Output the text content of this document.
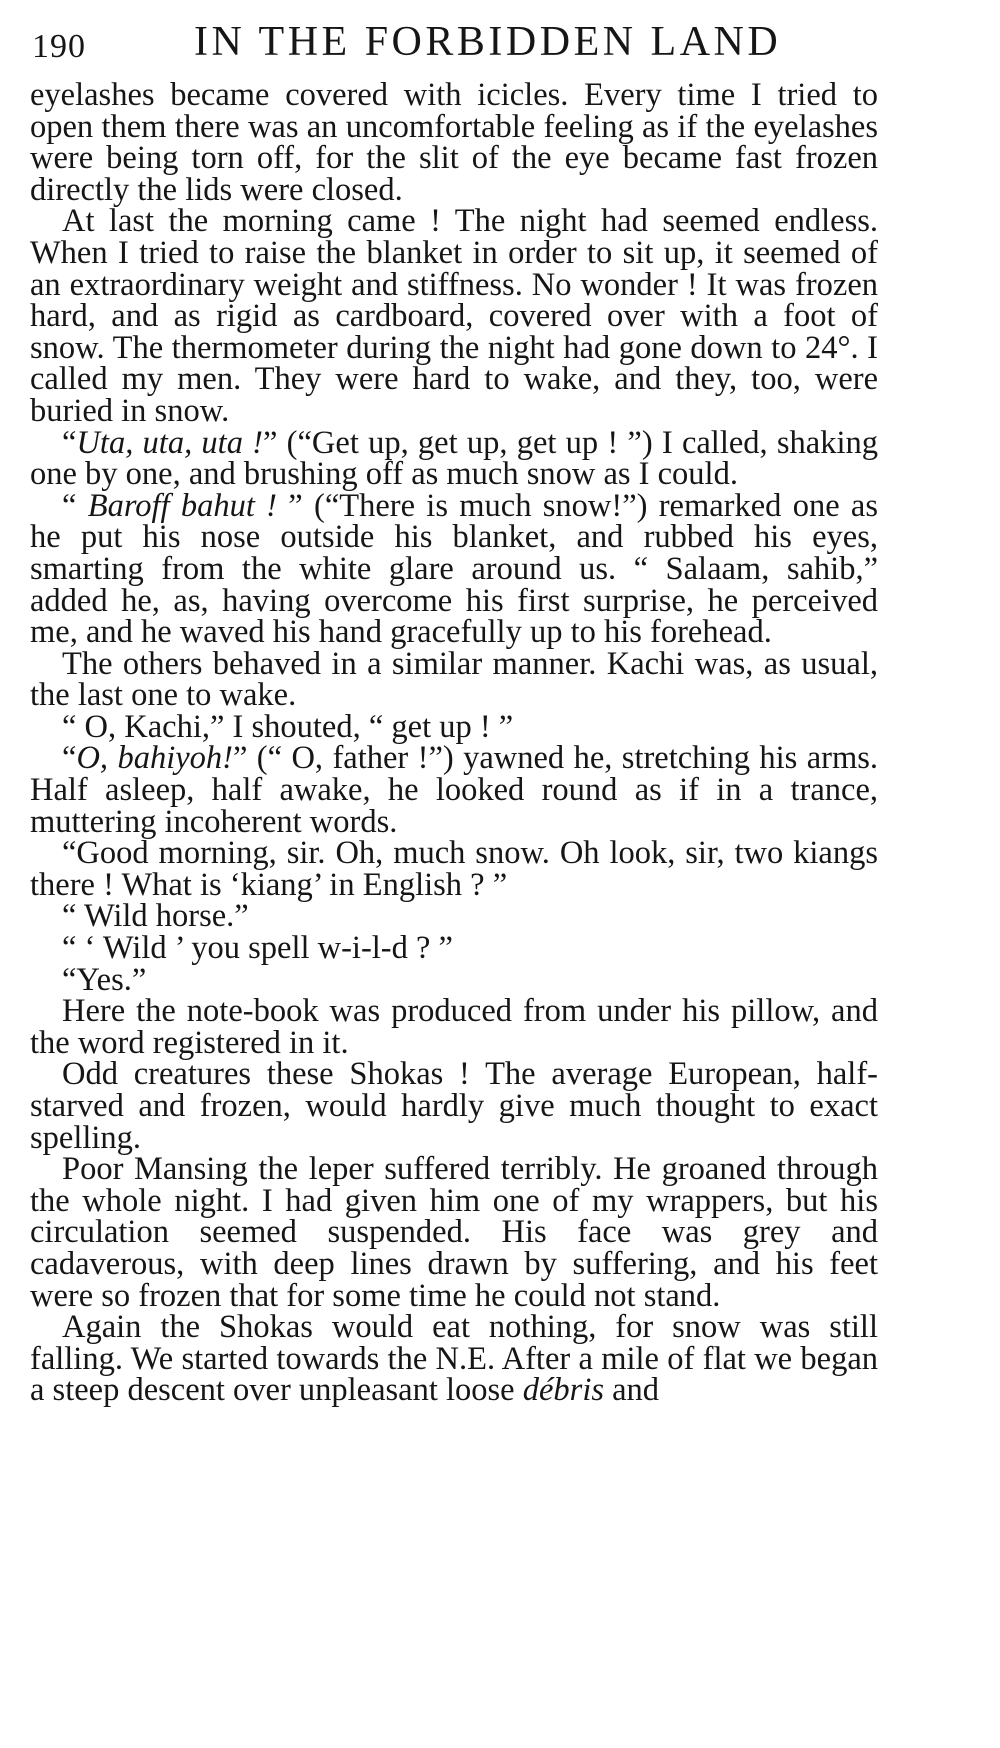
190	IN THE FORBIDDEN LAND

eyelashes became covered with icicles. Every time I tried to open them there was an uncomfortable feeling as if the eyelashes were being torn off, for the slit of the eye became fast frozen directly the lids were closed.

At last the morning came ! The night had seemed endless. When I tried to raise the blanket in order to sit up, it seemed of an extraordinary weight and stiffness. No wonder ! It was frozen hard, and as rigid as cardboard, covered over with a foot of snow. The thermometer during the night had gone down to 24°. I called my men. They were hard to wake, and they, too, were buried in snow.

“Uta, uta, uta !” (“Get up, get up, get up ! ”) I called, shaking one by one, and brushing off as much snow as I could.

“ Baroff bahut ! ” (“There is much snow!”) remarked one as he put his nose outside his blanket, and rubbed his eyes, smarting from the white glare around us. “ Salaam, sahib,” added he, as, having overcome his first surprise, he perceived me, and he waved his hand gracefully up to his forehead.

The others behaved in a similar manner. Kachi was, as usual, the last one to wake.

“ O, Kachi,” I shouted, “ get up ! ”

“O, bahiyoh!” (“ O, father !”) yawned he, stretching his arms. Half asleep, half awake, he looked round as if in a trance, muttering incoherent words.

“Good morning, sir. Oh, much snow. Oh look, sir, two kiangs there ! What is ‘kiang’ in English ? ”

“ Wild horse.”

“ ‘ Wild ’ you spell w-i-l-d ? ”

“Yes.”

Here the note-book was produced from under his pillow, and the word registered in it.

Odd creatures these Shokas ! The average European, half-starved and frozen, would hardly give much thought to exact spelling.

Poor Mansing the leper suffered terribly. He groaned through the whole night. I had given him one of my wrappers, but his circulation seemed suspended. His face was grey and cadaverous, with deep lines drawn by suffering, and his feet were so frozen that for some time he could not stand.

Again the Shokas would eat nothing, for snow was still falling. We started towards the N.E. After a mile of flat we began a steep descent over unpleasant loose débris and
